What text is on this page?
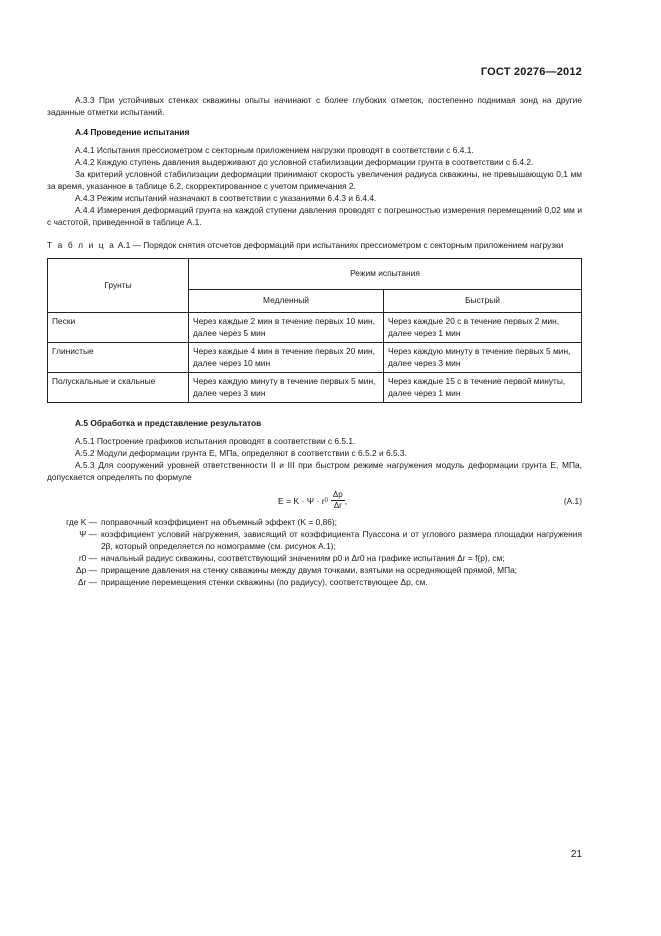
ГОСТ 20276—2012

А.3.3 При устойчивых стенках скважины опыты начинают с более глубоких отметок, постепенно поднимая зонд на другие заданные отметки испытаний.

А.4 Проведение испытания

А.4.1 Испытания прессиометром с секторным приложением нагрузки проводят в соответствии с 6.4.1.

А.4.2 Каждую ступень давления выдерживают до условной стабилизации деформации грунта в соответствии с 6.4.2.

За критерий условной стабилизации деформации принимают скорость увеличения радиуса скважины, не превышающую 0,1 мм за время, указанное в таблице 6.2, скорректированное с учетом примечания 2.

А.4.3 Режим испытаний назначают в соответствии с указаниями 6.4.3 и 6.4.4.

А.4.4 Измерения деформаций грунта на каждой ступени давления проводят с погрешностью измерения перемещений 0,02 мм и с частотой, приведенной в таблице А.1.

Т а б л и ц а А.1 — Порядок снятия отсчетов деформаций при испытаниях прессиометром с секторным приложением нагрузки

Грунты	Режим испытания	
	Медленный	Быстрый
Пески	Через каждые 2 мин в течение первых 10 мин, далее через 5 мин	Через каждые 20 с в течение первых 2 мин, далее через 1 мин
Глинистые	Через каждые 4 мин в течение первых 20 мин, далее через 10 мин	Через каждую минуту в течение первых 5 мин, далее через 3 мин
Полускальные и скальные	Через каждую минуту в течение первых 5 мин, далее через 3 мин	Через каждые 15 с в течение первой минуты, далее через 1 мин

А.5 Обработка и представление результатов

А.5.1 Построение графиков испытания проводят в соответствии с 6.5.1.

А.5.2 Модули деформации грунта E, МПа, определяют в соответствии с 6.5.2 и 6.5.3.

А.5.3 Для сооружений уровней ответственности II и III при быстром режиме нагружения модуль деформации грунта E, МПа, допускается определять по формуле

E = K · Ψ · r $0 \frac{\Delta p}{\Delta r}$ ,	(А.1)
где K — поправочный коэффициент на объемный эффект (K = 0,86);
Ψ — коэффициент условий нагружения, зависящий от коэффициента Пуассона и от углового размера площадки нагружения 2β, который определяется по номограмме (см. рисунок А.1);
r0 — начальный радиус скважины, соответствующий значениям p0 и Δr0 на графике испытания Δr = f(p), см;
Δp — приращение давления на стенку скважины между двумя точками, взятыми на осредняющей прямой, МПа;
Δr — приращение перемещения стенки скважины (по радиусу), соответствующее Δp, см.
21
